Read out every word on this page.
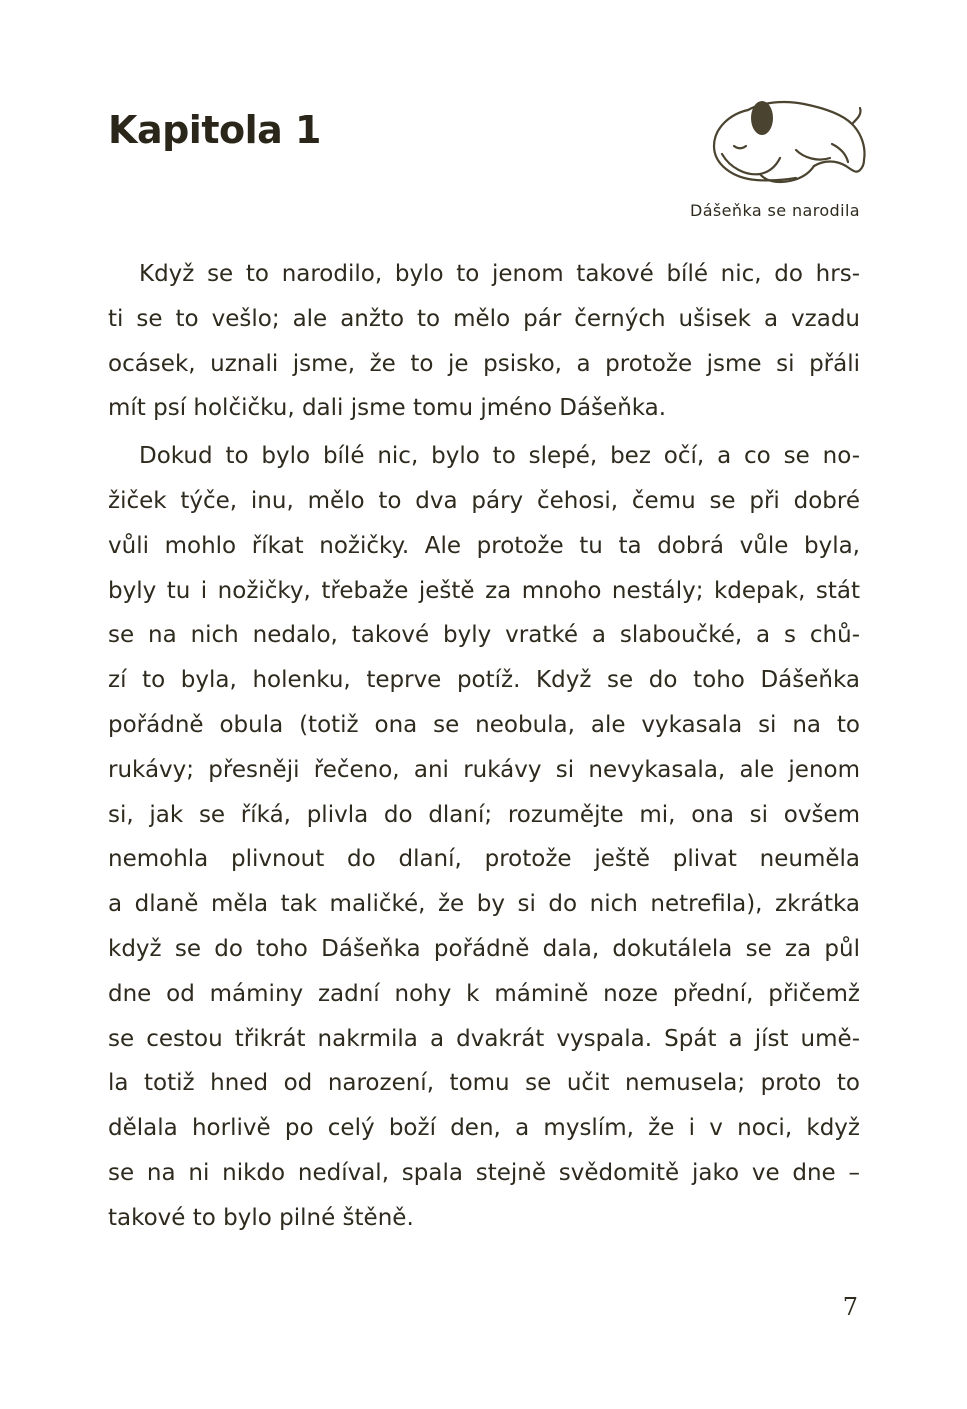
Kapitola 1
Dášeňka se narodila

Když se to narodilo, bylo to jenom takové bílé nic, do hrs-
ti se to vešlo; ale anžto to mělo pár černých ušisek a vzadu
ocásek, uznali jsme, že to je psisko, a protože jsme si přáli
mít psí holčičku, dali jsme tomu jméno Dášeňka.

Dokud to bylo bílé nic, bylo to slepé, bez očí, a co se no-
žiček týče, inu, mělo to dva páry čehosi, čemu se při dobré
vůli mohlo říkat nožičky. Ale protože tu ta dobrá vůle byla,
byly tu i nožičky, třebaže ještě za mnoho nestály; kdepak, stát
se na nich nedalo, takové byly vratké a slaboučké, a s chů-
zí to byla, holenku, teprve potíž. Když se do toho Dášeňka
pořádně obula (totiž ona se neobula, ale vykasala si na to
rukávy; přesněji řečeno, ani rukávy si nevykasala, ale jenom
si, jak se říká, plivla do dlaní; rozumějte mi, ona si ovšem
nemohla plivnout do dlaní, protože ještě plivat neuměla
a dlaně měla tak maličké, že by si do nich netrefila), zkrátka
když se do toho Dášeňka pořádně dala, dokutálela se za půl
dne od máminy zadní nohy k mámině noze přední, přičemž
se cestou třikrát nakrmila a dvakrát vyspala. Spát a jíst umě-
la totiž hned od narození, tomu se učit nemusela; proto to
dělala horlivě po celý boží den, a myslím, že i v noci, když
se na ni nikdo nedíval, spala stejně svědomitě jako ve dne –
takové to bylo pilné štěně.

7
